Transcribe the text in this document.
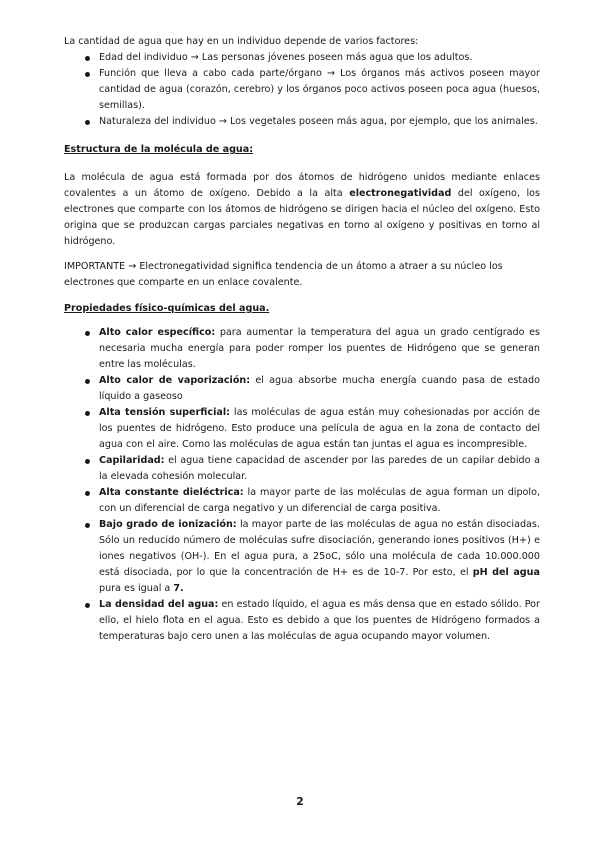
La cantidad de agua que hay en un individuo depende de varios factores:

Edad del individuo → Las personas jóvenes poseen más agua que los adultos.
Función que lleva a cabo cada parte/órgano → Los órganos más activos poseen mayor cantidad de agua (corazón, cerebro) y los órganos poco activos poseen poca agua (huesos, semillas).
Naturaleza del individuo → Los vegetales poseen más agua, por ejemplo, que los animales.

Estructura de la molécula de agua:

La molécula de agua está formada por dos átomos de hidrógeno unidos mediante enlaces covalentes a un átomo de oxígeno. Debido a la alta electronegatividad del oxígeno, los electrones que comparte con los átomos de hidrógeno se dirigen hacia el núcleo del oxígeno. Esto origina que se produzcan cargas parciales negativas en torno al oxígeno y positivas en torno al hidrógeno.

IMPORTANTE → Electronegatividad significa tendencia de un átomo a atraer a su núcleo los electrones que comparte en un enlace covalente.

Propiedades físico-químicas del agua.

Alto calor específico: para aumentar la temperatura del agua un grado centígrado es necesaria mucha energía para poder romper los puentes de Hidrógeno que se generan entre las moléculas.
Alto calor de vaporización: el agua absorbe mucha energía cuando pasa de estado líquido a gaseoso
Alta tensión superficial: las moléculas de agua están muy cohesionadas por acción de los puentes de hidrógeno. Esto produce una película de agua en la zona de contacto del agua con el aire. Como las moléculas de agua están tan juntas el agua es incompresible.
Capilaridad: el agua tiene capacidad de ascender por las paredes de un capilar debido a la elevada cohesión molecular.
Alta constante dieléctrica: la mayor parte de las moléculas de agua forman un dipolo, con un diferencial de carga negativo y un diferencial de carga positiva.
Bajo grado de ionización: la mayor parte de las moléculas de agua no están disociadas. Sólo un reducido número de moléculas sufre disociación, generando iones positivos (H+) e iones negativos (OH-). En el agua pura, a 25oC, sólo una molécula de cada 10.000.000 está disociada, por lo que la concentración de H+ es de 10-7. Por esto, el pH del agua pura es igual a 7.
La densidad del agua: en estado líquido, el agua es más densa que en estado sólido. Por ello, el hielo flota en el agua. Esto es debido a que los puentes de Hidrógeno formados a temperaturas bajo cero unen a las moléculas de agua ocupando mayor volumen.
2
